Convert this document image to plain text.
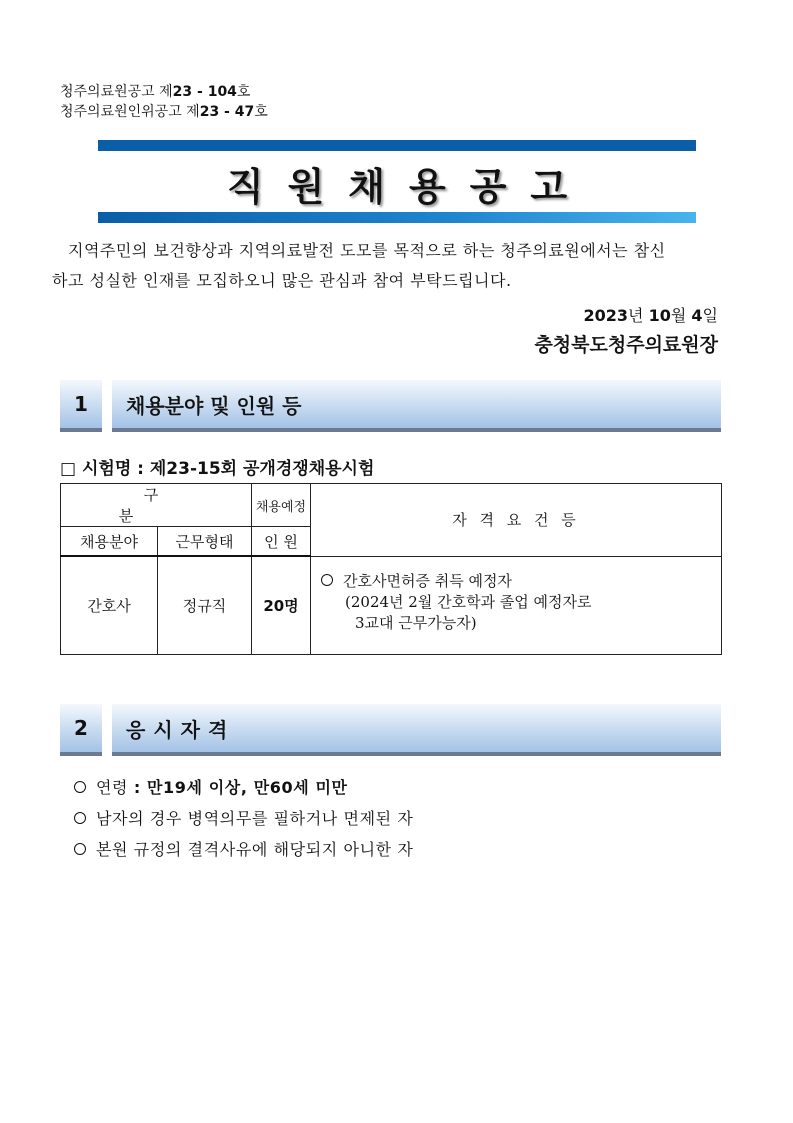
청주의료원공고 제23 - 104호
청주의료원인위공고 제23 - 47호
직원채용공고
지역주민의 보건향상과 지역의료발전 도모를 목적으로 하는 청주의료원에서는 참신
하고 성실한 인재를 모집하오니 많은 관심과 참여 부탁드립니다.
2023년 10월 4일
충청북도청주의료원장
1	채용분야 및 인원 등
□ 시험명 : 제23-15회 공개경쟁채용시험
구분		채용예정	자 격 요 건 등
채용분야	근무형태	인 원	
간호사	정규직	20명	간호사면허증 취득 예정자
(2024년 2월 간호학과 졸업 예정자로
3교대 근무가능자)
2	응시자격
연령 : 만19세 이상, 만60세 미만
남자의 경우 병역의무를 필하거나 면제된 자
본원 규정의 결격사유에 해당되지 아니한 자
